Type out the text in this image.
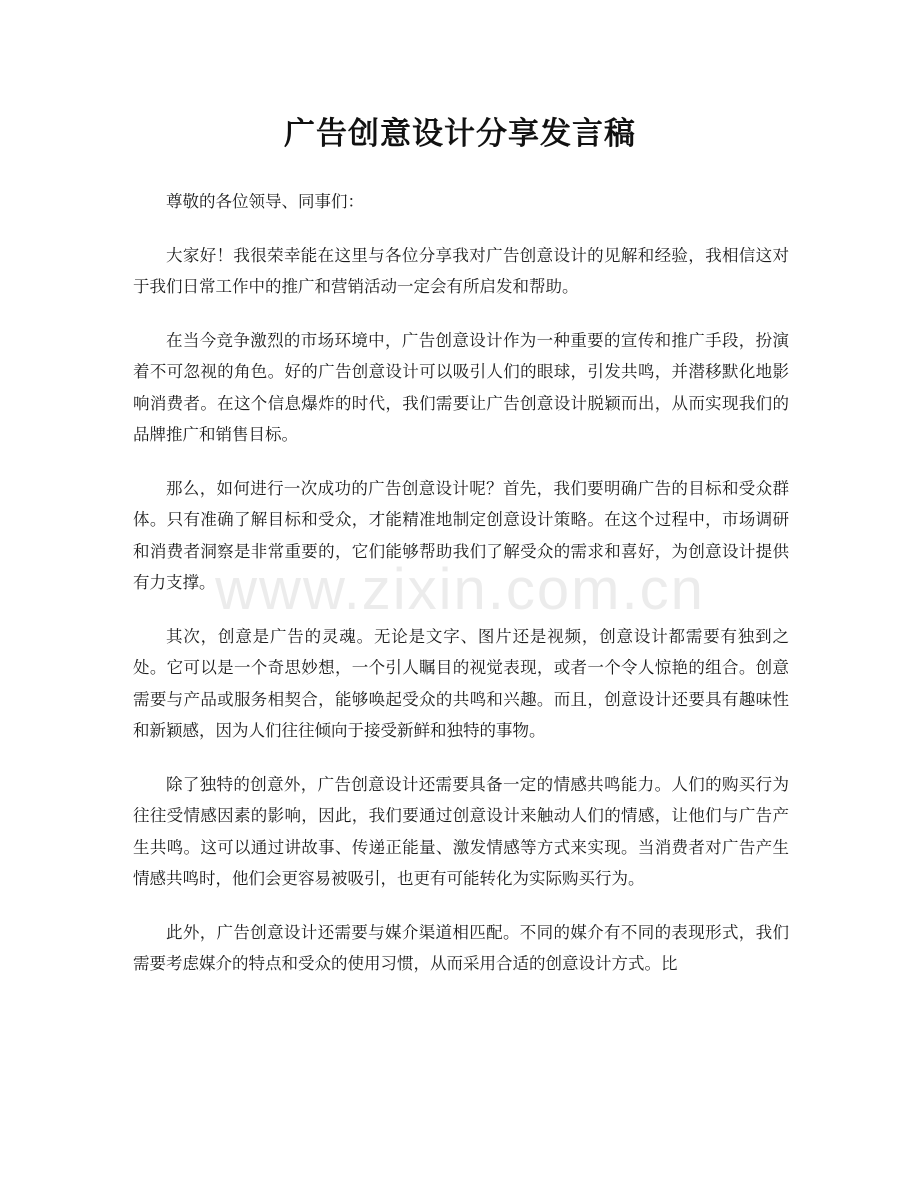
广告创意设计分享发言稿
www.zixin.com.cn

尊敬的各位领导、同事们：

大家好！我很荣幸能在这里与各位分享我对广告创意设计的见解和经验，我相信这对于我们日常工作中的推广和营销活动一定会有所启发和帮助。

在当今竞争激烈的市场环境中，广告创意设计作为一种重要的宣传和推广手段，扮演着不可忽视的角色。好的广告创意设计可以吸引人们的眼球，引发共鸣，并潜移默化地影响消费者。在这个信息爆炸的时代，我们需要让广告创意设计脱颖而出，从而实现我们的品牌推广和销售目标。

那么，如何进行一次成功的广告创意设计呢？首先，我们要明确广告的目标和受众群体。只有准确了解目标和受众，才能精准地制定创意设计策略。在这个过程中，市场调研和消费者洞察是非常重要的，它们能够帮助我们了解受众的需求和喜好，为创意设计提供有力支撑。

其次，创意是广告的灵魂。无论是文字、图片还是视频，创意设计都需要有独到之处。它可以是一个奇思妙想，一个引人瞩目的视觉表现，或者一个令人惊艳的组合。创意需要与产品或服务相契合，能够唤起受众的共鸣和兴趣。而且，创意设计还要具有趣味性和新颖感，因为人们往往倾向于接受新鲜和独特的事物。

除了独特的创意外，广告创意设计还需要具备一定的情感共鸣能力。人们的购买行为往往受情感因素的影响，因此，我们要通过创意设计来触动人们的情感，让他们与广告产生共鸣。这可以通过讲故事、传递正能量、激发情感等方式来实现。当消费者对广告产生情感共鸣时，他们会更容易被吸引，也更有可能转化为实际购买行为。

此外，广告创意设计还需要与媒介渠道相匹配。不同的媒介有不同的表现形式，我们需要考虑媒介的特点和受众的使用习惯，从而采用合适的创意设计方式。比
